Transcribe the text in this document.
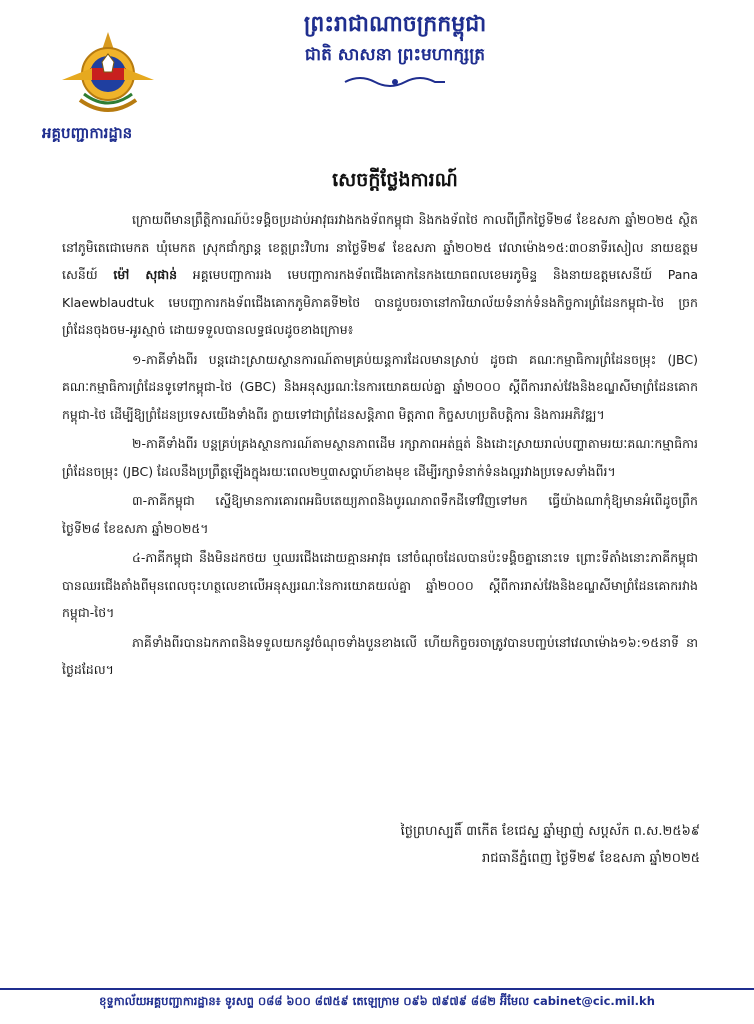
អគ្គបញ្ជាការដ្ឋាន
ព្រះរាជាណាចក្រកម្ពុជា
ជាតិ សាសនា ព្រះមហាក្សត្រ
សេចក្តីថ្លែងការណ៍

ក្រោយពីមានព្រឹត្តិការណ៍ប៉ះទង្គិចប្រដាប់អាវុធរវាងកងទ័ពកម្ពុជា និងកងទ័ពថៃ កាលពីព្រឹកថ្ងៃទី២៨ ខែឧសភា ឆ្នាំ២០២៥ ស្ថិតនៅភូមិតេជោមេកត ឃុំមេកត ស្រុកជាំក្សាន្ត ខេត្តព្រះវិហារ នាថ្ងៃទី២៩ ខែឧសភា ឆ្នាំ២០២៥ វេលាម៉ោង១៥:៣០នាទីរសៀល នាយឧត្តមសេនីយ៍ ម៉ៅ សុផាន់ អគ្គមេបញ្ជាការរង មេបញ្ជាការកងទ័ពជើងគោកនៃកងយោធពលខេមរភូមិន្ទ និងនាយឧត្តមសេនីយ៍ Pana Klaewblaudtuk មេបញ្ជាការកងទ័ពជើងគោកភូមិភាគទី២ថៃ បានជួបចរចានៅការិយាល័យទំនាក់ទំនងកិច្ចការព្រំដែនកម្ពុជា-ថៃ ច្រកព្រំដែនចុងចម-អូរស្មាច់ ដោយទទួលបានលទ្ធផលដូចខាងក្រោម៖

១-ភាគីទាំងពីរ បន្តដោះស្រាយស្ថានការណ៍តាមគ្រប់យន្តការដែលមានស្រាប់ ដូចជា គណៈកម្មាធិការព្រំដែនចម្រុះ (JBC) គណៈកម្មាធិការព្រំដែនទូទៅកម្ពុជា-ថៃ (GBC) និងអនុស្សរណៈនៃការយោគយល់គ្នា ឆ្នាំ២០០០ ស្តីពីការរាស់វែងនិងខណ្ឌសីមាព្រំដែនគោកកម្ពុជា-ថៃ ដើម្បីឱ្យព្រំដែនប្រទេសយើងទាំងពីរ ក្លាយទៅជាព្រំដែនសន្តិភាព មិត្តភាព កិច្ចសហប្រតិបត្តិការ និងការអភិវឌ្ឍ។

២-ភាគីទាំងពីរ បន្តគ្រប់គ្រងស្ថានការណ៍តាមស្ថានភាពដើម រក្សាភាពអត់ធ្មត់ និងដោះស្រាយរាល់បញ្ហាតាមរយៈគណៈកម្មាធិការព្រំដែនចម្រុះ (JBC) ដែលនឹងប្រព្រឹត្តឡើងក្នុងរយៈពេល២ឬ៣សប្តាហ៍ខាងមុខ ដើម្បីរក្សាទំនាក់ទំនងល្អរវាងប្រទេសទាំងពីរ។

៣-ភាគីកម្ពុជា ស្នើឱ្យមានការគោរពអធិបតេយ្យភាពនិងបូរណភាពទឹកដីទៅវិញទៅមក ធ្វើយ៉ាងណាកុំឱ្យមានអំពើដូចព្រឹកថ្ងៃទី២៨ ខែឧសភា ឆ្នាំ២០២៥។

៤-ភាគីកម្ពុជា នឹងមិនដកថយ ឬឈរជើងដោយគ្មានអាវុធ នៅចំណុចដែលបានប៉ះទង្គិចគ្នានោះទេ ព្រោះទីតាំងនោះភាគីកម្ពុជាបានឈរជើងតាំងពីមុនពេលចុះហត្ថលេខាលើអនុស្សរណៈនៃការយោគយល់គ្នា ឆ្នាំ២០០០ ស្តីពីការរាស់វែងនិងខណ្ឌសីមាព្រំដែនគោករវាងកម្ពុជា-ថៃ។

ភាគីទាំងពីរបានឯកភាពនិងទទួលយកនូវចំណុចទាំងបួនខាងលើ ហើយកិច្ចចរចាត្រូវបានបញ្ចប់នៅវេលាម៉ោង១៦:១៥នាទី នាថ្ងៃដដែល។

ថ្ងៃព្រហស្បតិ៍ ៣កើត ខែជេស្ឋ ឆ្នាំម្សាញ់ សប្តស័ក ព.ស.២៥៦៩
រាជធានីភ្នំពេញ ថ្ងៃទី២៩ ខែឧសភា ឆ្នាំ២០២៥
ខុទ្ទកាល័យអគ្គបញ្ជាការដ្ឋាន៖ ទូរសព្ទ ០៨៨ ៦០០ ៨៧៥៩ តេឡេក្រាម ០៩៦ ៧៩៧៩ ៨៨២ អ៊ីមែល cabinet@cic.mil.kh
